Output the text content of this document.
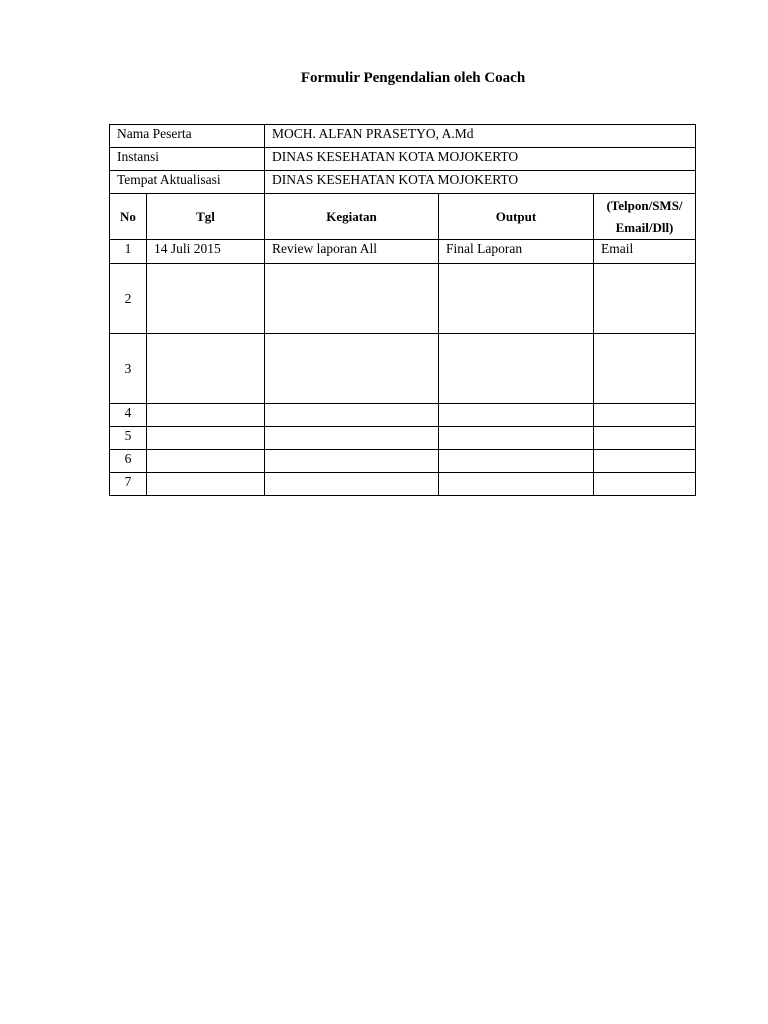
Formulir Pengendalian oleh Coach
Nama Peserta		MOCH. ALFAN PRASETYO, A.Md		
Instansi		DINAS KESEHATAN KOTA MOJOKERTO		
Tempat Aktualisasi		DINAS KESEHATAN KOTA MOJOKERTO		
No	Tgl	Kegiatan	Output	(Telpon/SMS/
Email/Dll)

1	14 Juli 2015	Review laporan All	Final Laporan	Email
2				
3				
4				
5				
6				
7				
